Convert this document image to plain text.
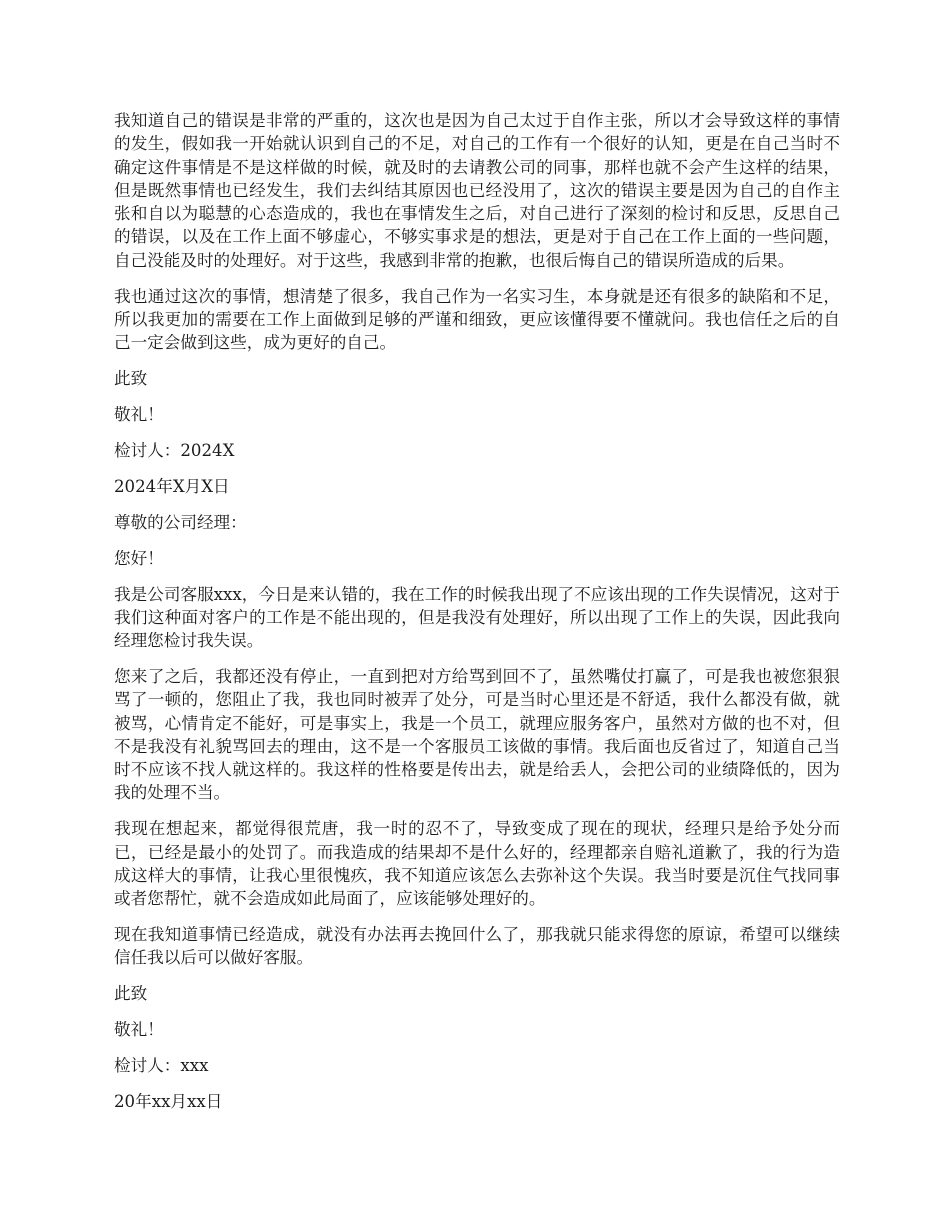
我知道自己的错误是非常的严重的，这次也是因为自己太过于自作主张，所以才会导致这样的事情的发生，假如我一开始就认识到自己的不足，对自己的工作有一个很好的认知，更是在自己当时不确定这件事情是不是这样做的时候，就及时的去请教公司的同事，那样也就不会产生这样的结果，但是既然事情也已经发生，我们去纠结其原因也已经没用了，这次的错误主要是因为自己的自作主张和自以为聪慧的心态造成的，我也在事情发生之后，对自己进行了深刻的检讨和反思，反思自己的错误，以及在工作上面不够虚心，不够实事求是的想法，更是对于自己在工作上面的一些问题，自己没能及时的处理好。对于这些，我感到非常的抱歉，也很后悔自己的错误所造成的后果。

我也通过这次的事情，想清楚了很多，我自己作为一名实习生，本身就是还有很多的缺陷和不足，所以我更加的需要在工作上面做到足够的严谨和细致，更应该懂得要不懂就问。我也信任之后的自己一定会做到这些，成为更好的自己。

此致

敬礼！

检讨人：2024X

2024年X月X日

尊敬的公司经理：

您好！

我是公司客服xxx，今日是来认错的，我在工作的时候我出现了不应该出现的工作失误情况，这对于我们这种面对客户的工作是不能出现的，但是我没有处理好，所以出现了工作上的失误，因此我向经理您检讨我失误。

您来了之后，我都还没有停止，一直到把对方给骂到回不了，虽然嘴仗打赢了，可是我也被您狠狠骂了一顿的，您阻止了我，我也同时被弄了处分，可是当时心里还是不舒适，我什么都没有做，就被骂，心情肯定不能好，可是事实上，我是一个员工，就理应服务客户，虽然对方做的也不对，但不是我没有礼貌骂回去的理由，这不是一个客服员工该做的事情。我后面也反省过了，知道自己当时不应该不找人就这样的。我这样的性格要是传出去，就是给丢人，会把公司的业绩降低的，因为我的处理不当。

我现在想起来，都觉得很荒唐，我一时的忍不了，导致变成了现在的现状，经理只是给予处分而已，已经是最小的处罚了。而我造成的结果却不是什么好的，经理都亲自赔礼道歉了，我的行为造成这样大的事情，让我心里很愧疚，我不知道应该怎么去弥补这个失误。我当时要是沉住气找同事或者您帮忙，就不会造成如此局面了，应该能够处理好的。

现在我知道事情已经造成，就没有办法再去挽回什么了，那我就只能求得您的原谅，希望可以继续信任我以后可以做好客服。

此致

敬礼！

检讨人：xxx

20年xx月xx日
